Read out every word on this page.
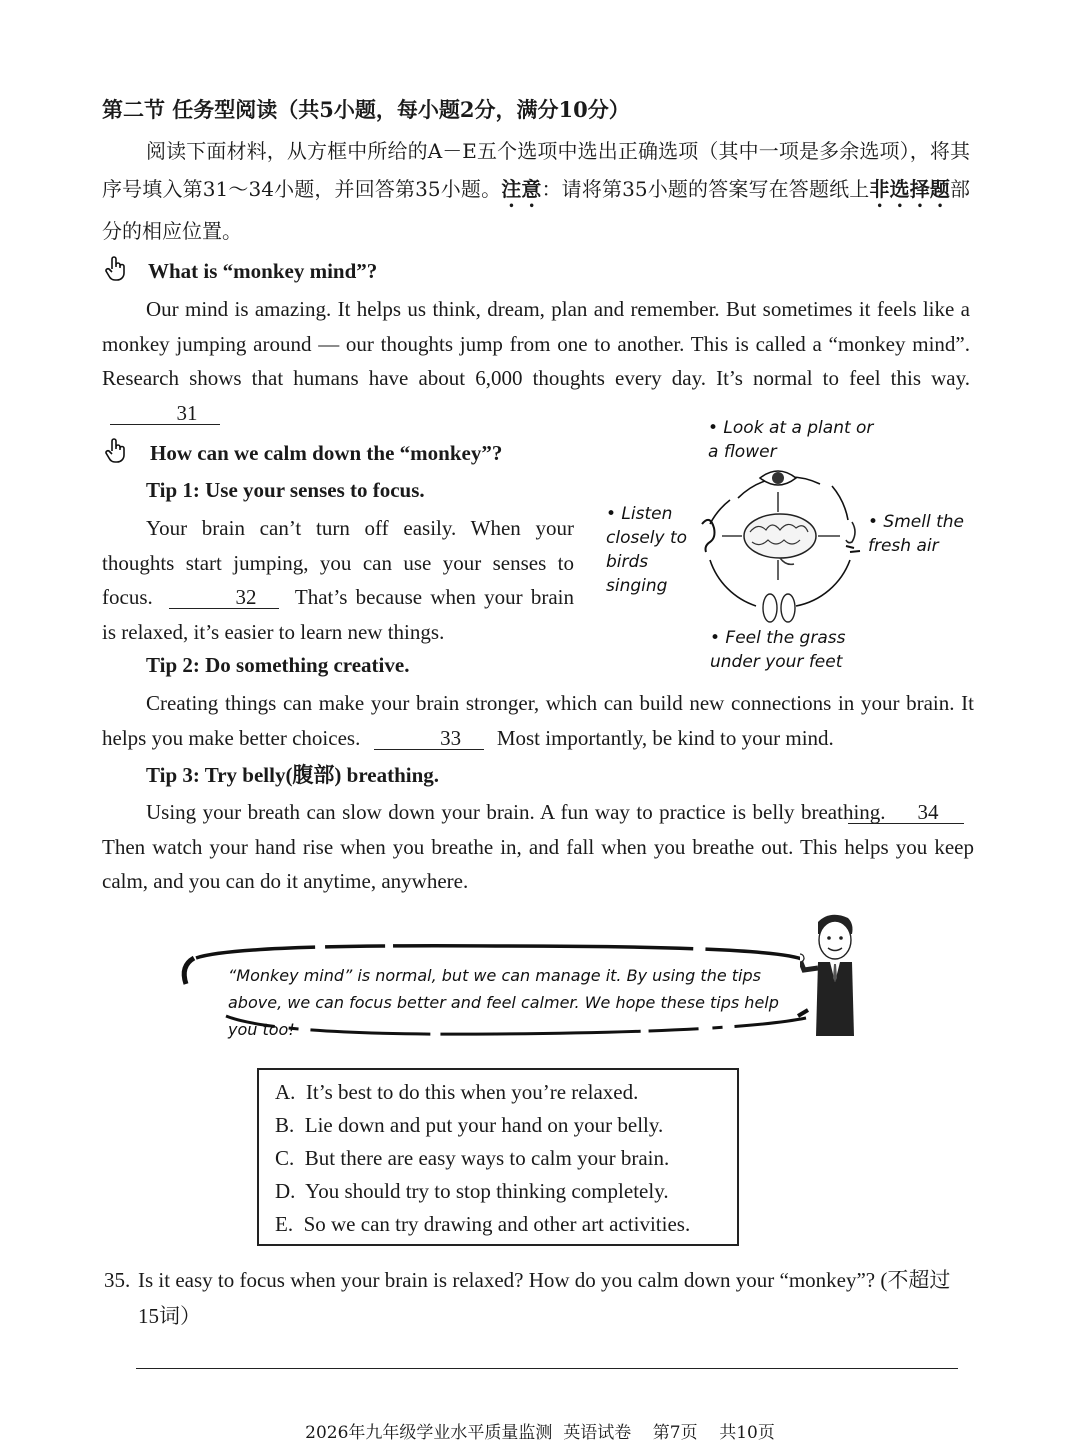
第二节 任务型阅读（共5小题，每小题2分，满分10分）

阅读下面材料，从方框中所给的A－E五个选项中选出正确选项（其中一项是多余选项），将其序号填入第31～34小题，并回答第35小题。注意：请将第35小题的答案写在答题纸上非选择题部分的相应位置。

What is “monkey mind”?

Our mind is amazing. It helps us think, dream, plan and remember. But sometimes it feels like a monkey jumping around — our thoughts jump from one to another. This is called a “monkey mind”. Research shows that humans have about 6,000 thoughts every day. It’s normal to feel this way. 31

How can we calm down the “monkey”?
Tip 1: Use your senses to focus.

Your brain can’t turn off easily. When your thoughts start jumping, you can use your senses to focus.	32 That’s because when your brain is relaxed, it’s easier to learn new things.

• Look at a plant or a flower
• Listen closely to birds singing
• Smell the fresh air
• Feel the grass under your feet
Tip 2: Do something creative.

Creating things can make your brain stronger, which can build new connections in your brain. It helps you make better choices.	33 Most importantly, be kind to your mind.

Tip 3: Try belly(腹部) breathing.

Using your breath can slow down your brain. A fun way to practice is belly breathing. 34 Then watch your hand rise when you breathe in, and fall when you breathe out. This helps you keep calm, and you can do it anytime, anywhere.

“Monkey mind” is normal, but we can manage it. By using the tips above, we can focus better and feel calmer. We hope these tips help you too!
A. It’s best to do this when you’re relaxed.
B. Lie down and put your hand on your belly.
C. But there are easy ways to calm your brain.
D. You should try to stop thinking completely.
E. So we can try drawing and other art activities.
35. Is it easy to focus when your brain is relaxed? How do you calm down your “monkey”? (不超过15词）
2026年九年级学业水平质量监测  英语试卷    第7页    共10页
